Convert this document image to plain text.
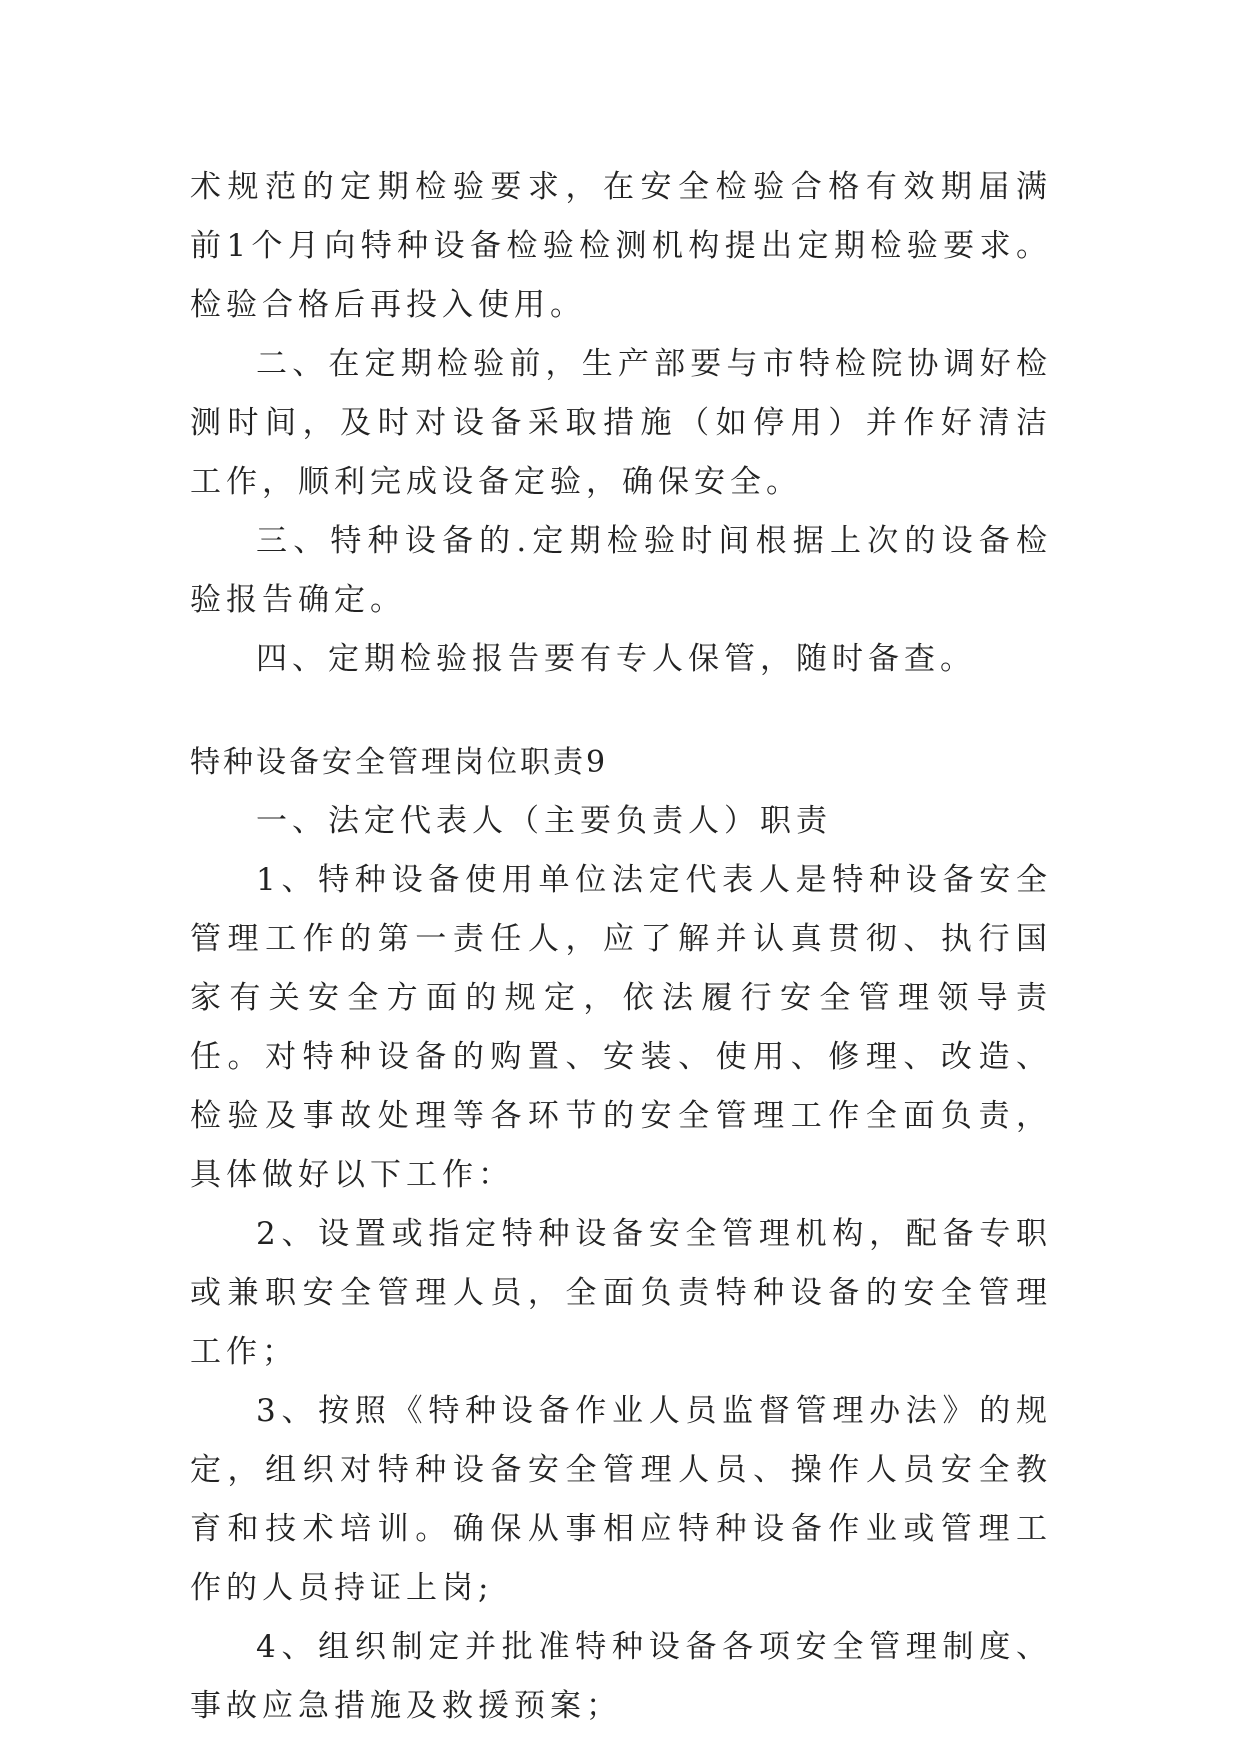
术规范的定期检验要求，在安全检验合格有效期届满前1个月向特种设备检验检测机构提出定期检验要求。检验合格后再投入使用。

二、在定期检验前，生产部要与市特检院协调好检测时间，及时对设备采取措施（如停用）并作好清洁工作，顺利完成设备定验，确保安全。

三、特种设备的.定期检验时间根据上次的设备检验报告确定。

四、定期检验报告要有专人保管，随时备查。

特种设备安全管理岗位职责9

一、法定代表人（主要负责人）职责

1、特种设备使用单位法定代表人是特种设备安全管理工作的第一责任人，应了解并认真贯彻、执行国家有关安全方面的规定，依法履行安全管理领导责任。对特种设备的购置、安装、使用、修理、改造、检验及事故处理等各环节的安全管理工作全面负责，具体做好以下工作：

2、设置或指定特种设备安全管理机构，配备专职或兼职安全管理人员，全面负责特种设备的安全管理工作；

3、按照《特种设备作业人员监督管理办法》的规定，组织对特种设备安全管理人员、操作人员安全教育和技术培训。确保从事相应特种设备作业或管理工作的人员持证上岗;

4、组织制定并批准特种设备各项安全管理制度、事故应急措施及救援预案；
